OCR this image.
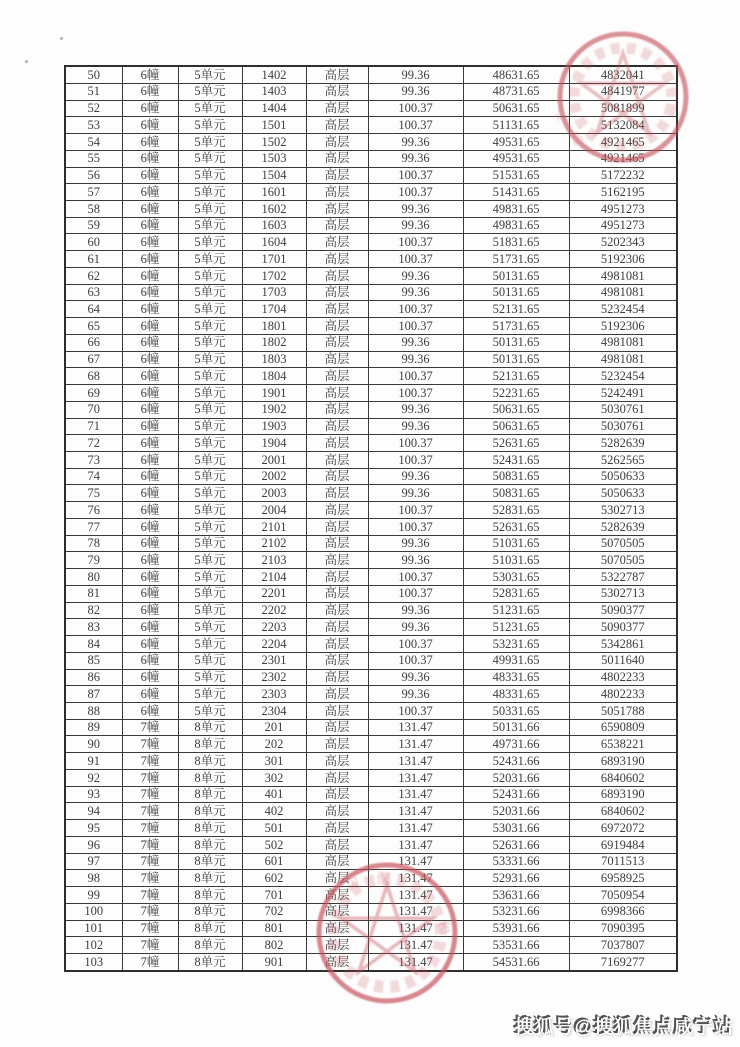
50	6幢	5单元	1402	高层	99.36	48631.65	4832041
51	6幢	5单元	1403	高层	99.36	48731.65	4841977
52	6幢	5单元	1404	高层	100.37	50631.65	5081899
53	6幢	5单元	1501	高层	100.37	51131.65	5132084
54	6幢	5单元	1502	高层	99.36	49531.65	4921465
55	6幢	5单元	1503	高层	99.36	49531.65	4921465
56	6幢	5单元	1504	高层	100.37	51531.65	5172232
57	6幢	5单元	1601	高层	100.37	51431.65	5162195
58	6幢	5单元	1602	高层	99.36	49831.65	4951273
59	6幢	5单元	1603	高层	99.36	49831.65	4951273
60	6幢	5单元	1604	高层	100.37	51831.65	5202343
61	6幢	5单元	1701	高层	100.37	51731.65	5192306
62	6幢	5单元	1702	高层	99.36	50131.65	4981081
63	6幢	5单元	1703	高层	99.36	50131.65	4981081
64	6幢	5单元	1704	高层	100.37	52131.65	5232454
65	6幢	5单元	1801	高层	100.37	51731.65	5192306
66	6幢	5单元	1802	高层	99.36	50131.65	4981081
67	6幢	5单元	1803	高层	99.36	50131.65	4981081
68	6幢	5单元	1804	高层	100.37	52131.65	5232454
69	6幢	5单元	1901	高层	100.37	52231.65	5242491
70	6幢	5单元	1902	高层	99.36	50631.65	5030761
71	6幢	5单元	1903	高层	99.36	50631.65	5030761
72	6幢	5单元	1904	高层	100.37	52631.65	5282639
73	6幢	5单元	2001	高层	100.37	52431.65	5262565
74	6幢	5单元	2002	高层	99.36	50831.65	5050633
75	6幢	5单元	2003	高层	99.36	50831.65	5050633
76	6幢	5单元	2004	高层	100.37	52831.65	5302713
77	6幢	5单元	2101	高层	100.37	52631.65	5282639
78	6幢	5单元	2102	高层	99.36	51031.65	5070505
79	6幢	5单元	2103	高层	99.36	51031.65	5070505
80	6幢	5单元	2104	高层	100.37	53031.65	5322787
81	6幢	5单元	2201	高层	100.37	52831.65	5302713
82	6幢	5单元	2202	高层	99.36	51231.65	5090377
83	6幢	5单元	2203	高层	99.36	51231.65	5090377
84	6幢	5单元	2204	高层	100.37	53231.65	5342861
85	6幢	5单元	2301	高层	100.37	49931.65	5011640
86	6幢	5单元	2302	高层	99.36	48331.65	4802233
87	6幢	5单元	2303	高层	99.36	48331.65	4802233
88	6幢	5单元	2304	高层	100.37	50331.65	5051788
89	7幢	8单元	201	高层	131.47	50131.66	6590809
90	7幢	8单元	202	高层	131.47	49731.66	6538221
91	7幢	8单元	301	高层	131.47	52431.66	6893190
92	7幢	8单元	302	高层	131.47	52031.66	6840602
93	7幢	8单元	401	高层	131.47	52431.66	6893190
94	7幢	8单元	402	高层	131.47	52031.66	6840602
95	7幢	8单元	501	高层	131.47	53031.66	6972072
96	7幢	8单元	502	高层	131.47	52631.66	6919484
97	7幢	8单元	601	高层	131.47	53331.66	7011513
98	7幢	8单元	602	高层	131.47	52931.66	6958925
99	7幢	8单元	701	高层	131.47	53631.66	7050954
100	7幢	8单元	702	高层	131.47	53231.66	6998366
101	7幢	8单元	801	高层	131.47	53931.66	7090395
102	7幢	8单元	802	高层	131.47	53531.66	7037807
103	7幢	8单元	901	高层	131.47	54531.66	7169277
不
昌
房 保
和
搜狐号@搜狐焦点咸宁站
